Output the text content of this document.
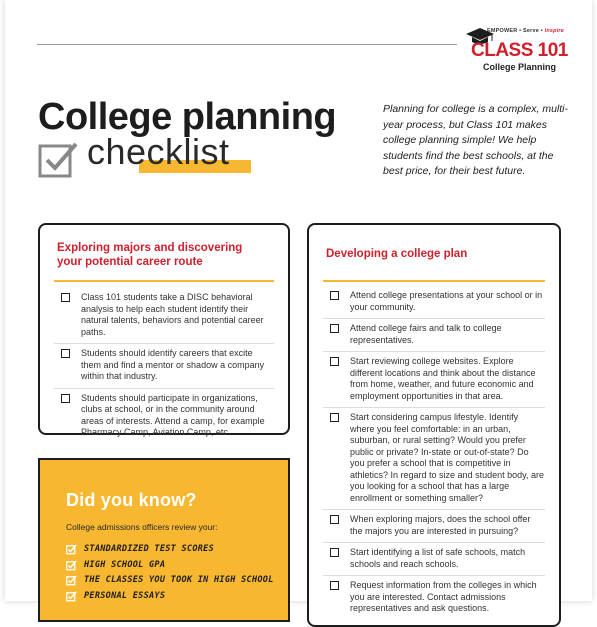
EMPOWER • Serve • Inspire
CLASS 101
College Planning
College planning
checklist
Planning for college is a complex, multi-year process, but Class 101 makes college planning simple! We help students find the best schools, at the best price, for their best future.
Exploring majors and discovering your potential career route
Class 101 students take a DISC behavioral analysis to help each student identify their natural talents, behaviors and potential career paths.
Students should identify careers that excite them and find a mentor or shadow a company within that industry.
Students should participate in organizations, clubs at school, or in the community around areas of interests. Attend a camp, for example Pharmacy Camp, Aviation Camp, etc.
Developing a college plan
Attend college presentations at your school or in your community.
Attend college fairs and talk to college representatives.
Start reviewing college websites. Explore different locations and think about the distance from home, weather, and future economic and employment opportunities in that area.
Start considering campus lifestyle. Identify where you feel comfortable: in an urban, suburban, or rural setting? Would you prefer public or private? In-state or out-of-state? Do you prefer a school that is competitive in athletics? In regard to size and student body, are you looking for a school that has a large enrollment or something smaller?
When exploring majors, does the school offer the majors you are interested in pursuing?
Start identifying a list of safe schools, match schools and reach schools.
Request information from the colleges in which you are interested. Contact admissions representatives and ask questions.
Did you know?
College admissions officers review your:
STANDARDIZED TEST SCORES
HIGH SCHOOL GPA
THE CLASSES YOU TOOK IN HIGH SCHOOL
PERSONAL ESSAYS
